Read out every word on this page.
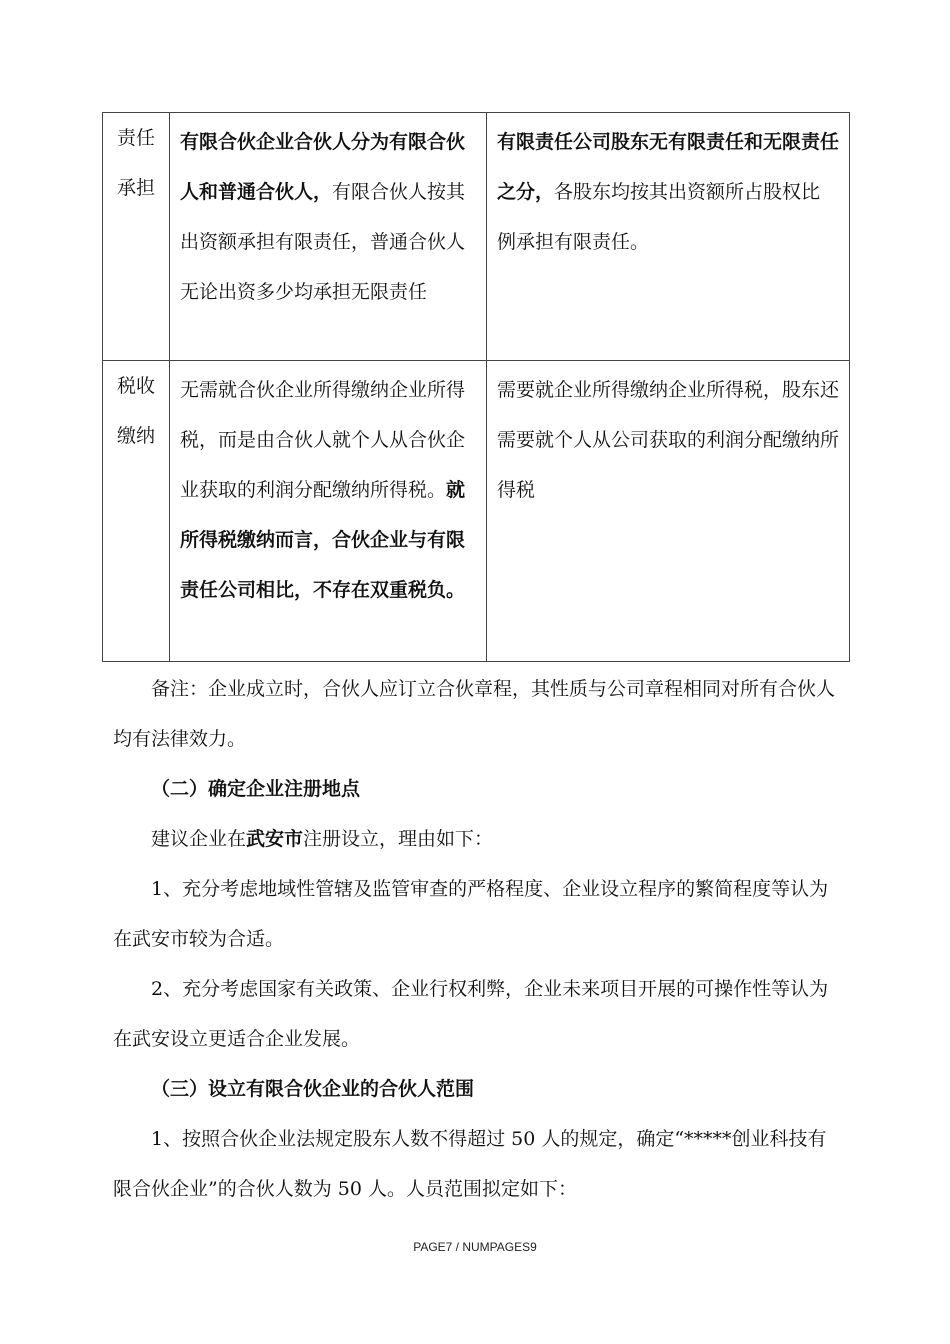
责任承担	有限合伙企业合伙人分为有限合伙人和普通合伙人，有限合伙人按其出资额承担有限责任，普通合伙人无论出资多少均承担无限责任	有限责任公司股东无有限责任和无限责任之分，各股东均按其出资额所占股权比例承担有限责任。

税收缴纳	无需就合伙企业所得缴纳企业所得税，而是由合伙人就个人从合伙企业获取的利润分配缴纳所得税。就所得税缴纳而言，合伙企业与有限责任公司相比，不存在双重税负。	需要就企业所得缴纳企业所得税，股东还需要就个人从公司获取的利润分配缴纳所得税

备注：企业成立时，合伙人应订立合伙章程，其性质与公司章程相同对所有合伙人均有法律效力。

（二）确定企业注册地点

建议企业在武安市注册设立，理由如下：

1、充分考虑地域性管辖及监管审查的严格程度、企业设立程序的繁简程度等认为在武安市较为合适。

2、充分考虑国家有关政策、企业行权利弊，企业未来项目开展的可操作性等认为在武安设立更适合企业发展。

（三）设立有限合伙企业的合伙人范围

1、按照合伙企业法规定股东人数不得超过 50 人的规定，确定“*****创业科技有限合伙企业”的合伙人数为 50 人。人员范围拟定如下：

PAGE7 / NUMPAGES9
